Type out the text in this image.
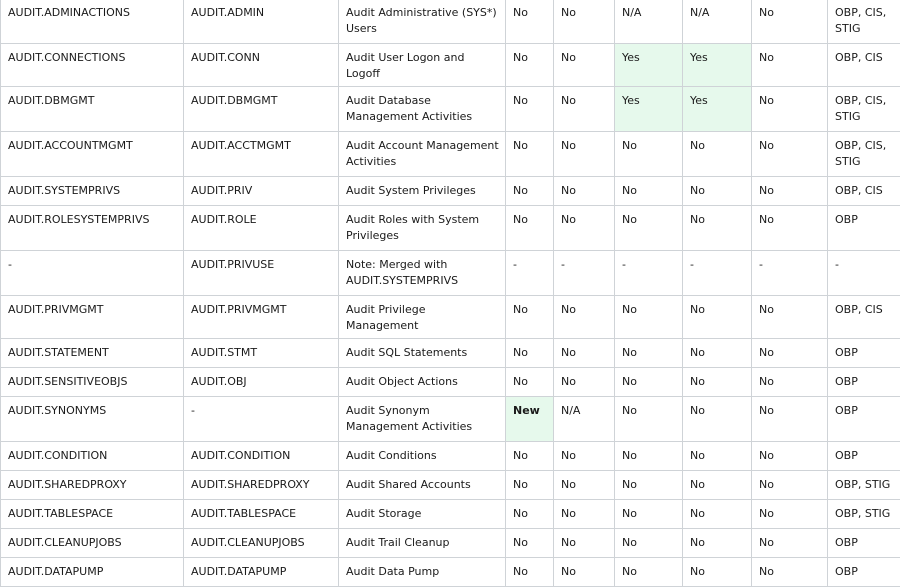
AUDIT.ADMINACTIONS	AUDIT.ADMIN	Audit Administrative (SYS*) Users	No	No	N/A	N/A	No	OBP, CIS, STIG
AUDIT.CONNECTIONS	AUDIT.CONN	Audit User Logon and Logoff	No	No	Yes	Yes	No	OBP, CIS
AUDIT.DBMGMT	AUDIT.DBMGMT	Audit Database Management Activities	No	No	Yes	Yes	No	OBP, CIS, STIG
AUDIT.ACCOUNTMGMT	AUDIT.ACCTMGMT	Audit Account Management Activities	No	No	No	No	No	OBP, CIS, STIG
AUDIT.SYSTEMPRIVS	AUDIT.PRIV	Audit System Privileges	No	No	No	No	No	OBP, CIS
AUDIT.ROLESYSTEMPRIVS	AUDIT.ROLE	Audit Roles with System Privileges	No	No	No	No	No	OBP
-	AUDIT.PRIVUSE	Note: Merged with AUDIT.SYSTEMPRIVS	-	-	-	-	-	-
AUDIT.PRIVMGMT	AUDIT.PRIVMGMT	Audit Privilege Management	No	No	No	No	No	OBP, CIS
AUDIT.STATEMENT	AUDIT.STMT	Audit SQL Statements	No	No	No	No	No	OBP
AUDIT.SENSITIVEOBJS	AUDIT.OBJ	Audit Object Actions	No	No	No	No	No	OBP
AUDIT.SYNONYMS	-	Audit Synonym Management Activities	New	N/A	No	No	No	OBP
AUDIT.CONDITION	AUDIT.CONDITION	Audit Conditions	No	No	No	No	No	OBP
AUDIT.SHAREDPROXY	AUDIT.SHAREDPROXY	Audit Shared Accounts	No	No	No	No	No	OBP, STIG
AUDIT.TABLESPACE	AUDIT.TABLESPACE	Audit Storage	No	No	No	No	No	OBP, STIG
AUDIT.CLEANUPJOBS	AUDIT.CLEANUPJOBS	Audit Trail Cleanup	No	No	No	No	No	OBP
AUDIT.DATAPUMP	AUDIT.DATAPUMP	Audit Data Pump	No	No	No	No	No	OBP
